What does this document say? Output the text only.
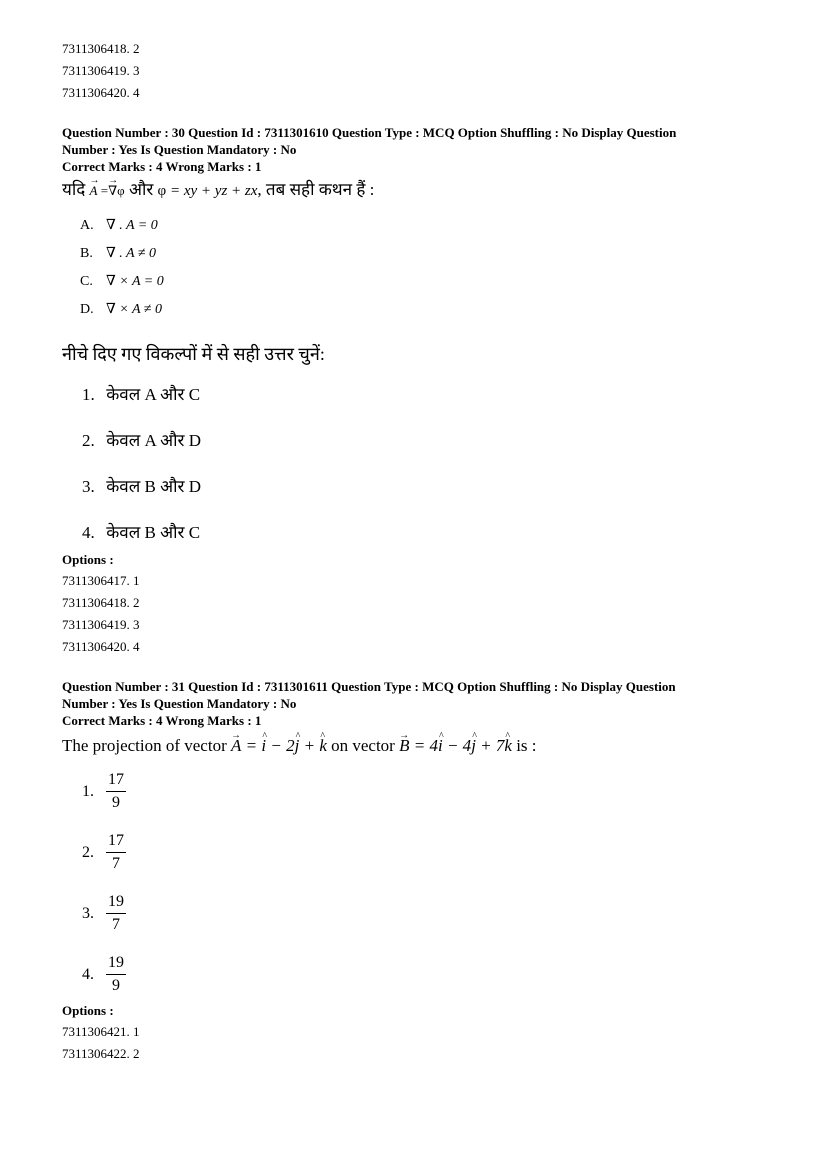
7311306418. 2

7311306419. 3

7311306420. 4

Question Number : 30 Question Id : 7311301610 Question Type : MCQ Option Shuffling : No Display Question

Number : Yes Is Question Mandatory : No

Correct Marks : 4 Wrong Marks : 1

यदि → A =→ ∇φ और φ = xy + yz + zx, तब सही कथन हैं :

A. ∇ . A = 0
B. ∇ . A ≠ 0
C. ∇ × A = 0
D. ∇ × A ≠ 0

नीचे दिए गए विकल्पों में से सही उत्तर चुनें:

1. केवल A और C

2. केवल A और D

3. केवल B और D

4. केवल B और C

Options :

7311306417. 1

7311306418. 2

7311306419. 3

7311306420. 4

Question Number : 31 Question Id : 7311301611 Question Type : MCQ Option Shuffling : No Display Question

Number : Yes Is Question Mandatory : No

Correct Marks : 4 Wrong Marks : 1

The projection of vector → A = ^ i − 2^ j + ^ k on vector → B = 4^ i − 4^ j + 7^ k is :

1. $\frac{17}{9}$
2. $\frac{17}{7}$
3. $\frac{19}{7}$
4. $\frac{19}{9}$

Options :

7311306421. 1

7311306422. 2
